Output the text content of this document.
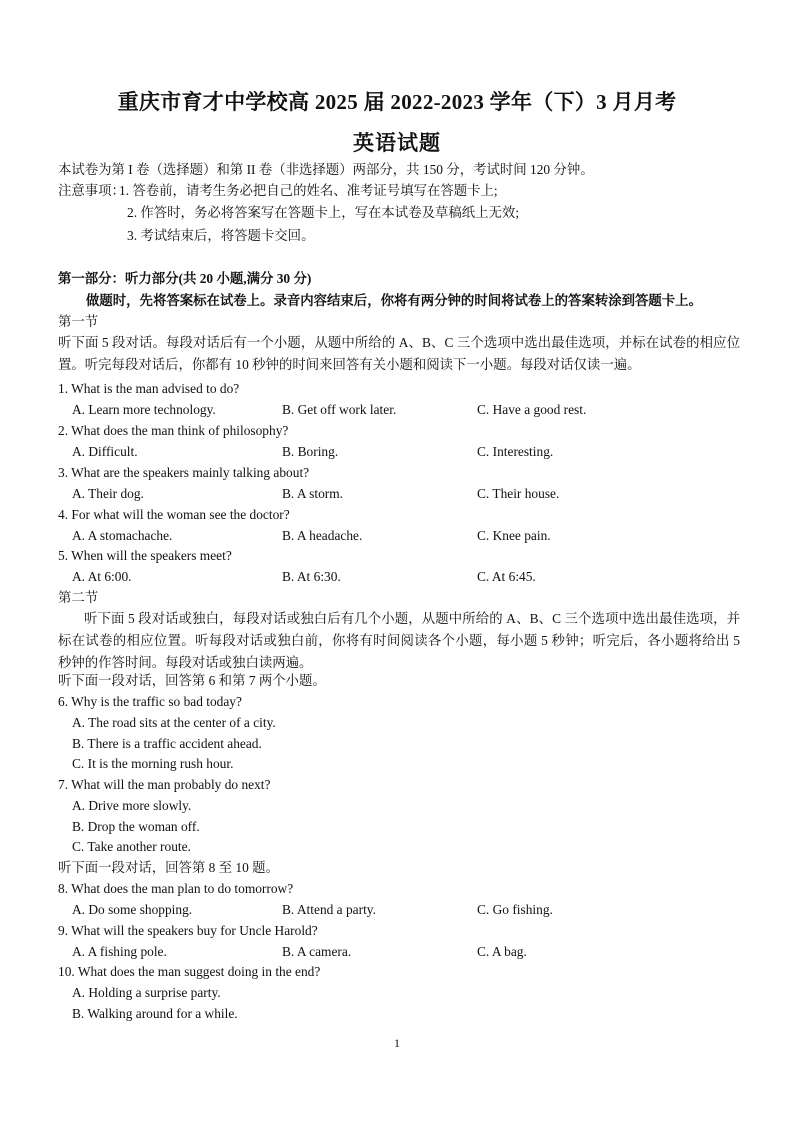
重庆市育才中学校高 2025 届 2022-2023 学年（下）3 月月考
英语试题
本试卷为第 I 卷（选择题）和第 II 卷（非选择题）两部分，共 150 分，考试时间 120 分钟。
注意事项：
1. 答卷前，请考生务必把自己的姓名、准考证号填写在答题卡上;
2. 作答时，务必将答案写在答题卡上，写在本试卷及草稿纸上无效;
3. 考试结束后，将答题卡交回。
第一部分：听力部分(共 20 小题,满分 30 分)
做题时，先将答案标在试卷上。录音内容结束后，你将有两分钟的时间将试卷上的答案转涂到答题卡上。
第一节
听下面 5 段对话。每段对话后有一个小题，从题中所给的 A、B、C 三个选项中选出最佳选项，并标在试卷的相应位置。听完每段对话后，你都有 10 秒钟的时间来回答有关小题和阅读下一小题。每段对话仅读一遍。
1. What is the man advised to do?
A. Learn more technology.	B. Get off work later.	C. Have a good rest.
2. What does the man think of philosophy?
A. Difficult.	B. Boring.	C. Interesting.
3. What are the speakers mainly talking about?
A. Their dog.	B. A storm.	C. Their house.
4. For what will the woman see the doctor?
A. A stomachache.	B. A headache.	C. Knee pain.
5. When will the speakers meet?
A. At 6:00.	B. At 6:30.	C. At 6:45.
第二节
听下面 5 段对话或独白，每段对话或独白后有几个小题，从题中所给的 A、B、C 三个选项中选出最佳选项，并标在试卷的相应位置。听每段对话或独白前，你将有时间阅读各个小题，每小题 5 秒钟；听完后，各小题将给出 5 秒钟的作答时间。每段对话或独白读两遍。
听下面一段对话，回答第 6 和第 7 两个小题。
6. Why is the traffic so bad today?
A. The road sits at the center of a city.
B. There is a traffic accident ahead.
C. It is the morning rush hour.
7. What will the man probably do next?
A. Drive more slowly.
B. Drop the woman off.
C. Take another route.
听下面一段对话，回答第 8 至 10 题。
8. What does the man plan to do tomorrow?
A. Do some shopping.	B. Attend a party.	C. Go fishing.
9. What will the speakers buy for Uncle Harold?
A. A fishing pole.	B. A camera.	C. A bag.
10. What does the man suggest doing in the end?
A. Holding a surprise party.
B. Walking around for a while.
1
